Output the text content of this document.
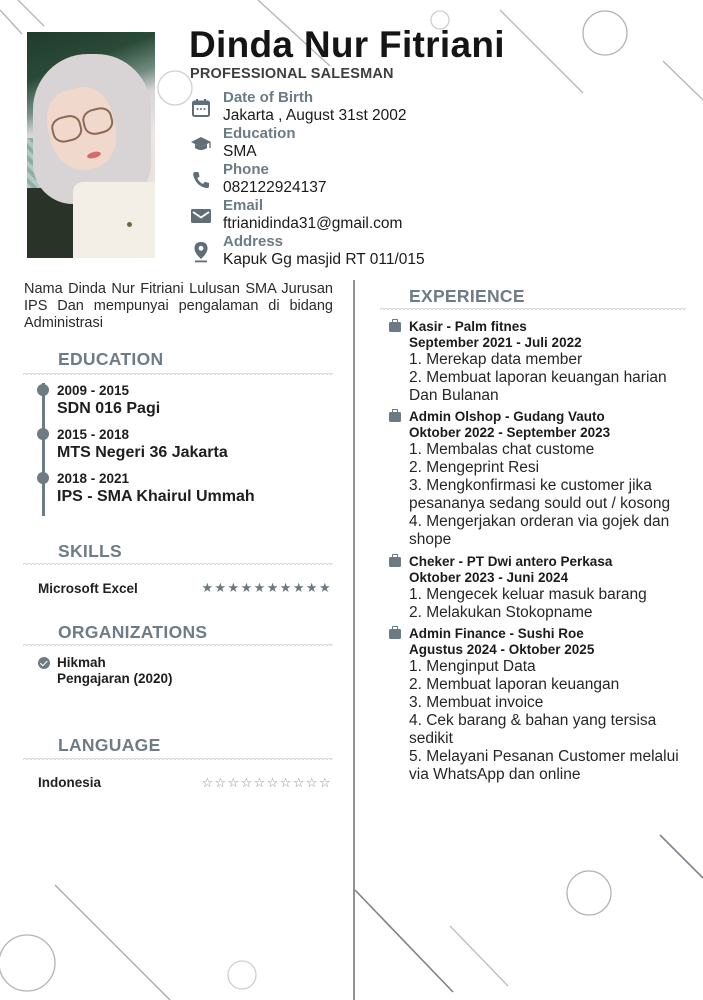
Dinda Nur Fitriani
PROFESSIONAL SALESMAN
Date of Birth
Jakarta , August 31st 2002
Education
SMA
Phone
082122924137
Email
ftrianidinda31@gmail.com
Address
Kapuk Gg masjid RT 011/015

Nama Dinda Nur Fitriani Lulusan SMA Jurusan IPS Dan mempunyai pengalaman di bidang Administrasi

EDUCATION
2009 - 2015
SDN 016 Pagi
2015 - 2018
MTS Negeri 36 Jakarta
2018 - 2021
IPS - SMA Khairul Ummah
SKILLS
Microsoft Excel	★★★★★★★★★★
ORGANIZATIONS
Hikmah
Pengajaran (2020)
LANGUAGE
Indonesia	☆☆☆☆☆☆☆☆☆☆
EXPERIENCE
Kasir - Palm fitnes
September 2021 - Juli 2022
1. Merekap data member
2. Membuat laporan keuangan harian Dan Bulanan
Admin Olshop - Gudang Vauto
Oktober 2022 - September 2023
1. Membalas chat custome
2. Mengeprint Resi
3. Mengkonfirmasi ke customer jika pesananya sedang sould out / kosong
4. Mengerjakan orderan via gojek dan shope
Cheker - PT Dwi antero Perkasa
Oktober 2023 - Juni 2024
1. Mengecek keluar masuk barang
2. Melakukan Stokopname
Admin Finance - Sushi Roe
Agustus 2024 - Oktober 2025
1. Menginput Data
2. Membuat laporan keuangan
3. Membuat invoice
4. Cek barang & bahan yang tersisa sedikit
5. Melayani Pesanan Customer melalui via WhatsApp dan online
